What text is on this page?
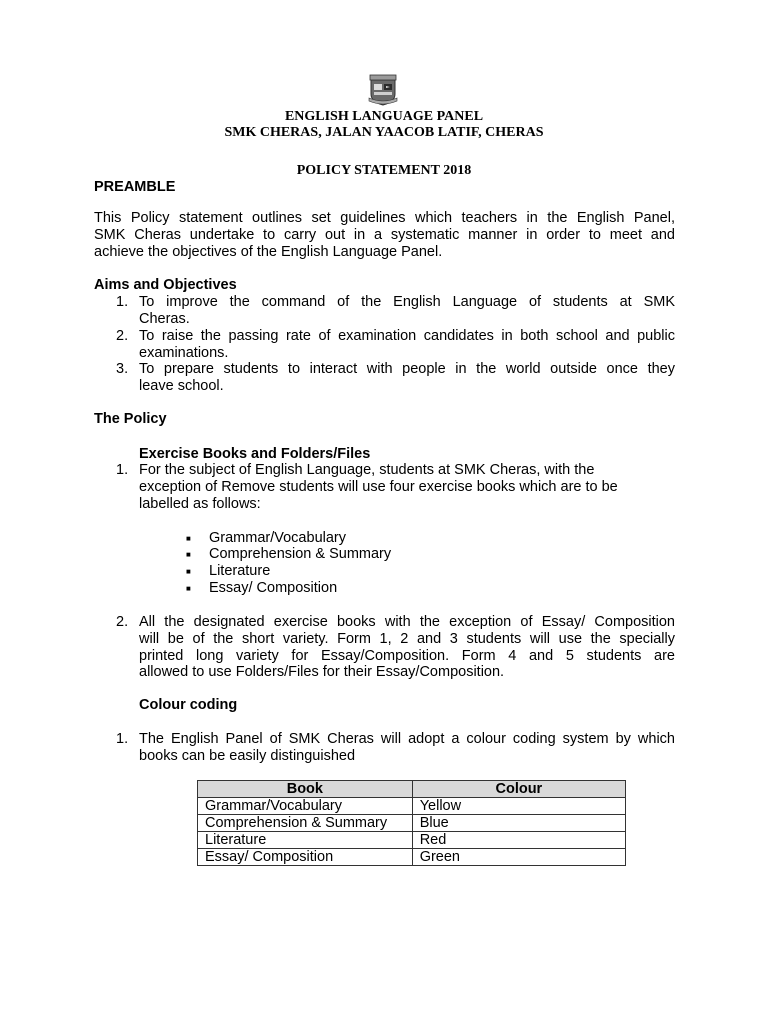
ENGLISH LANGUAGE PANEL
SMK CHERAS, JALAN YAACOB LATIF, CHERAS
POLICY STATEMENT 2018
PREAMBLE
This Policy statement outlines set guidelines which teachers in the English Panel,
SMK Cheras undertake to carry out in a systematic manner in order to meet and
achieve the objectives of the English Language Panel.
Aims and Objectives
1. To improve the command of the English Language of students at SMK
Cheras.
2. To raise the passing rate of examination candidates in both school and public
examinations.
3. To prepare students to interact with people in the world outside once they
leave school.
The Policy
Exercise Books and Folders/Files
1. For the subject of English Language, students at SMK Cheras, with the
exception of Remove students will use four exercise books which are to be
labelled as follows:
■ Grammar/Vocabulary
■ Comprehension & Summary
■ Literature
■ Essay/ Composition
2. All the designated exercise books with the exception of Essay/ Composition
will be of the short variety. Form 1, 2 and 3 students will use the specially
printed long variety for Essay/Composition. Form 4 and 5 students are
allowed to use Folders/Files for their Essay/Composition.
Colour coding
1. The English Panel of SMK Cheras will adopt a colour coding system by which
books can be easily distinguished
Book	Colour
Grammar/Vocabulary	Yellow
Comprehension & Summary	Blue
Literature	Red
Essay/ Composition	Green
